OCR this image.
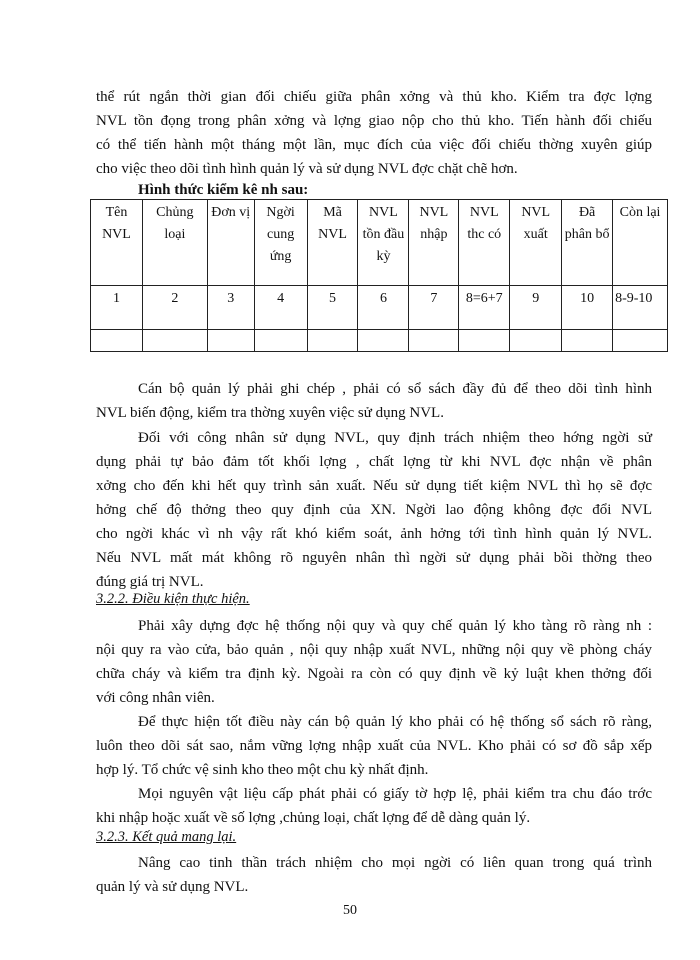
thể rút ngắn thời gian đối chiếu giữa phân xởng và thủ kho. Kiểm tra đợc lợng

NVL tồn đọng trong phân xởng và lợng giao nộp cho thủ kho. Tiến hành đối chiếu

có thể tiến hành một tháng một lần, mục đích của việc đối chiếu thờng xuyên giúp

cho việc theo dõi tình hình quản lý và sử dụng NVL đợc chặt chẽ hơn.

Hình thức kiểm kê nh sau:

Tên NVL	Chủng loại	Đơn vị	Ngời cung ứng	Mã NVL	NVL tồn đầu kỳ	NVL nhập	NVL thc có	NVL xuất	Đã phân bổ	Còn lại
1	2	3	4	5	6	7	8=6+7	9	10	8-9-10

Cán bộ quản lý phải ghi chép , phải có sổ sách đầy đủ để theo dõi tình hình

NVL biến động, kiểm tra thờng xuyên việc sử dụng NVL.

Đối với công nhân sử dụng NVL, quy định trách nhiệm theo hớng ngời sử

dụng phải tự bảo đảm tốt khối lợng , chất lợng từ khi NVL đợc nhận về phân

xởng cho đến khi hết quy trình sản xuất. Nếu sử dụng tiết kiệm NVL thì họ sẽ đợc

hởng chế độ thởng theo quy định của XN. Ngời lao động không đợc đổi NVL

cho ngời khác vì nh vậy rất khó kiểm soát, ảnh hởng tới tình hình quản lý NVL.

Nếu NVL mất mát không rõ nguyên nhân thì ngời sử dụng phải bồi thờng theo

đúng giá trị NVL.

3.2.2. Điều kiện thực hiện.

Phải xây dựng đợc hệ thống nội quy và quy chế quản lý kho tàng rõ ràng nh :

nội quy ra vào cửa, bảo quản , nội quy nhập xuất NVL, những nội quy về phòng cháy

chữa cháy và kiểm tra định kỳ. Ngoài ra còn có quy định về kỷ luật khen thởng đối

với công nhân viên.

Để thực hiện tốt điều này cán bộ quản lý kho phải có hệ thống sổ sách rõ ràng,

luôn theo dõi sát sao, nắm vững lợng nhập xuất của NVL. Kho phải có sơ đồ sắp xếp

hợp lý. Tổ chức vệ sinh kho theo một chu kỳ nhất định.

Mọi nguyên vật liệu cấp phát phải có giấy tờ hợp lệ, phải kiểm tra chu đáo trớc

khi nhập hoặc xuất về số lợng ,chủng loại, chất lợng để dễ dàng quản lý.

3.2.3. Kết quả mang lại.

Nâng cao tinh thần trách nhiệm cho mọi ngời có liên quan trong quá trình

quản lý và sử dụng NVL.

50
